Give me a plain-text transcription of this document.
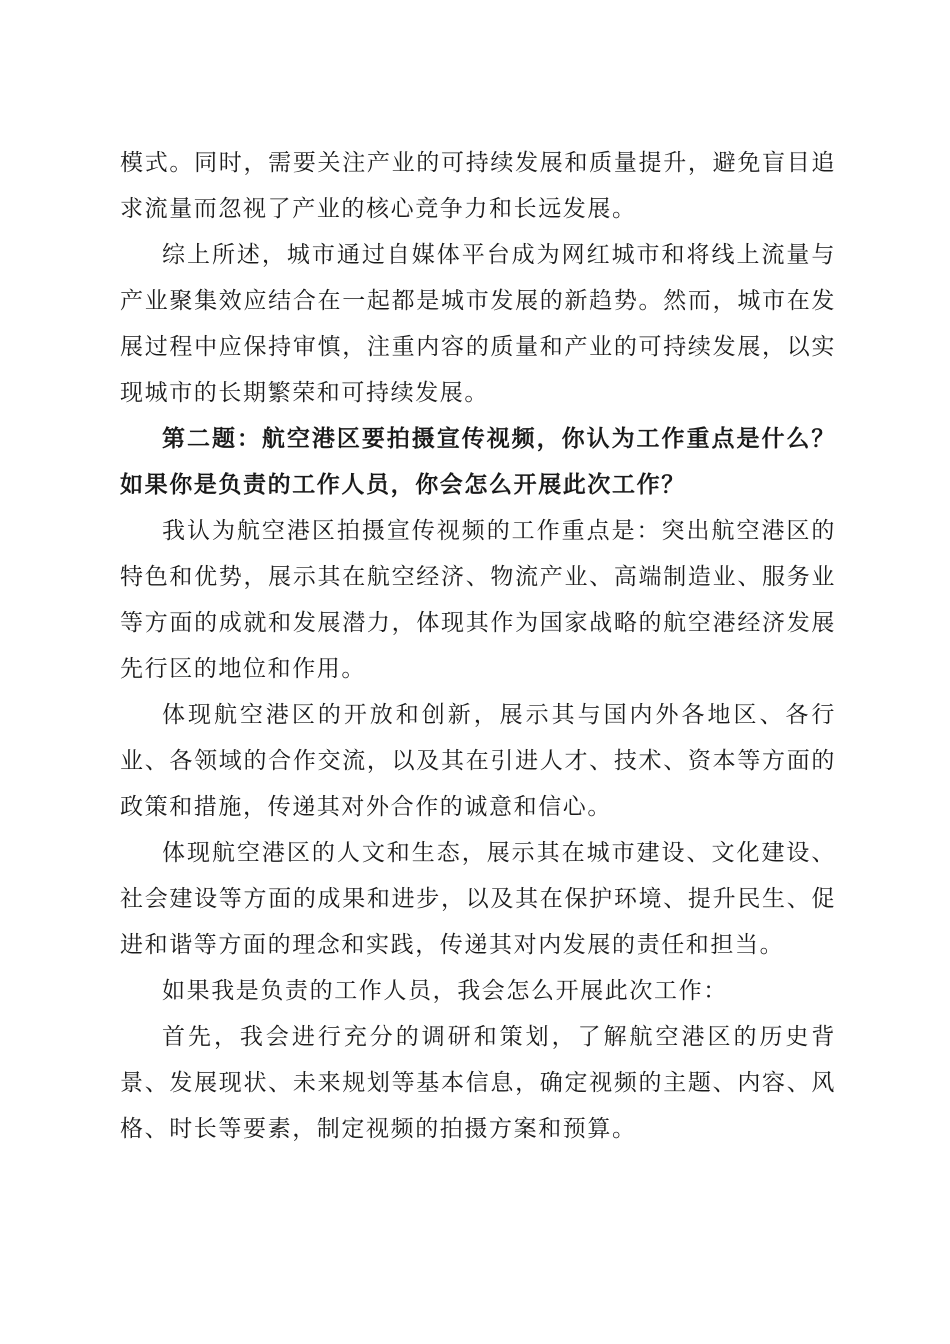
模式。同时，需要关注产业的可持续发展和质量提升，避免盲目追求流量而忽视了产业的核心竞争力和长远发展。

综上所述，城市通过自媒体平台成为网红城市和将线上流量与产业聚集效应结合在一起都是城市发展的新趋势。然而，城市在发展过程中应保持审慎，注重内容的质量和产业的可持续发展，以实现城市的长期繁荣和可持续发展。

第二题：航空港区要拍摄宣传视频，你认为工作重点是什么？如果你是负责的工作人员，你会怎么开展此次工作？

我认为航空港区拍摄宣传视频的工作重点是：突出航空港区的特色和优势，展示其在航空经济、物流产业、高端制造业、服务业等方面的成就和发展潜力，体现其作为国家战略的航空港经济发展先行区的地位和作用。

体现航空港区的开放和创新，展示其与国内外各地区、各行业、各领域的合作交流，以及其在引进人才、技术、资本等方面的政策和措施，传递其对外合作的诚意和信心。

体现航空港区的人文和生态，展示其在城市建设、文化建设、社会建设等方面的成果和进步，以及其在保护环境、提升民生、促进和谐等方面的理念和实践，传递其对内发展的责任和担当。

如果我是负责的工作人员，我会怎么开展此次工作：

首先，我会进行充分的调研和策划，了解航空港区的历史背景、发展现状、未来规划等基本信息，确定视频的主题、内容、风格、时长等要素，制定视频的拍摄方案和预算。
